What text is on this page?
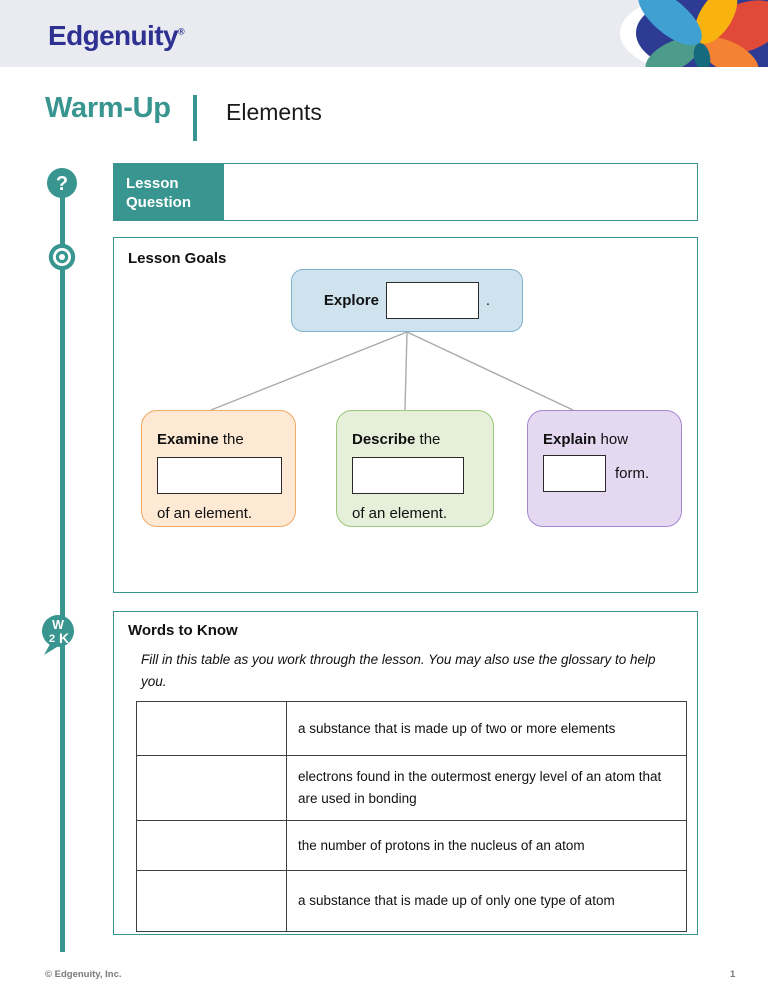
Edgenuity®
Warm-Up Elements
?
W
2 K
Lesson Question
Lesson Goals
Explore	.
Examine the
of an element.
Describe the
of an element.
Explain how
form.
Words to Know
Fill in this table as you work through the lesson. You may also use the glossary to help you.
	a substance that is made up of two or more elements
	electrons found in the outermost energy level of an atom that are used in bonding
	the number of protons in the nucleus of an atom
	a substance that is made up of only one type of atom
© Edgenuity, Inc.	1
